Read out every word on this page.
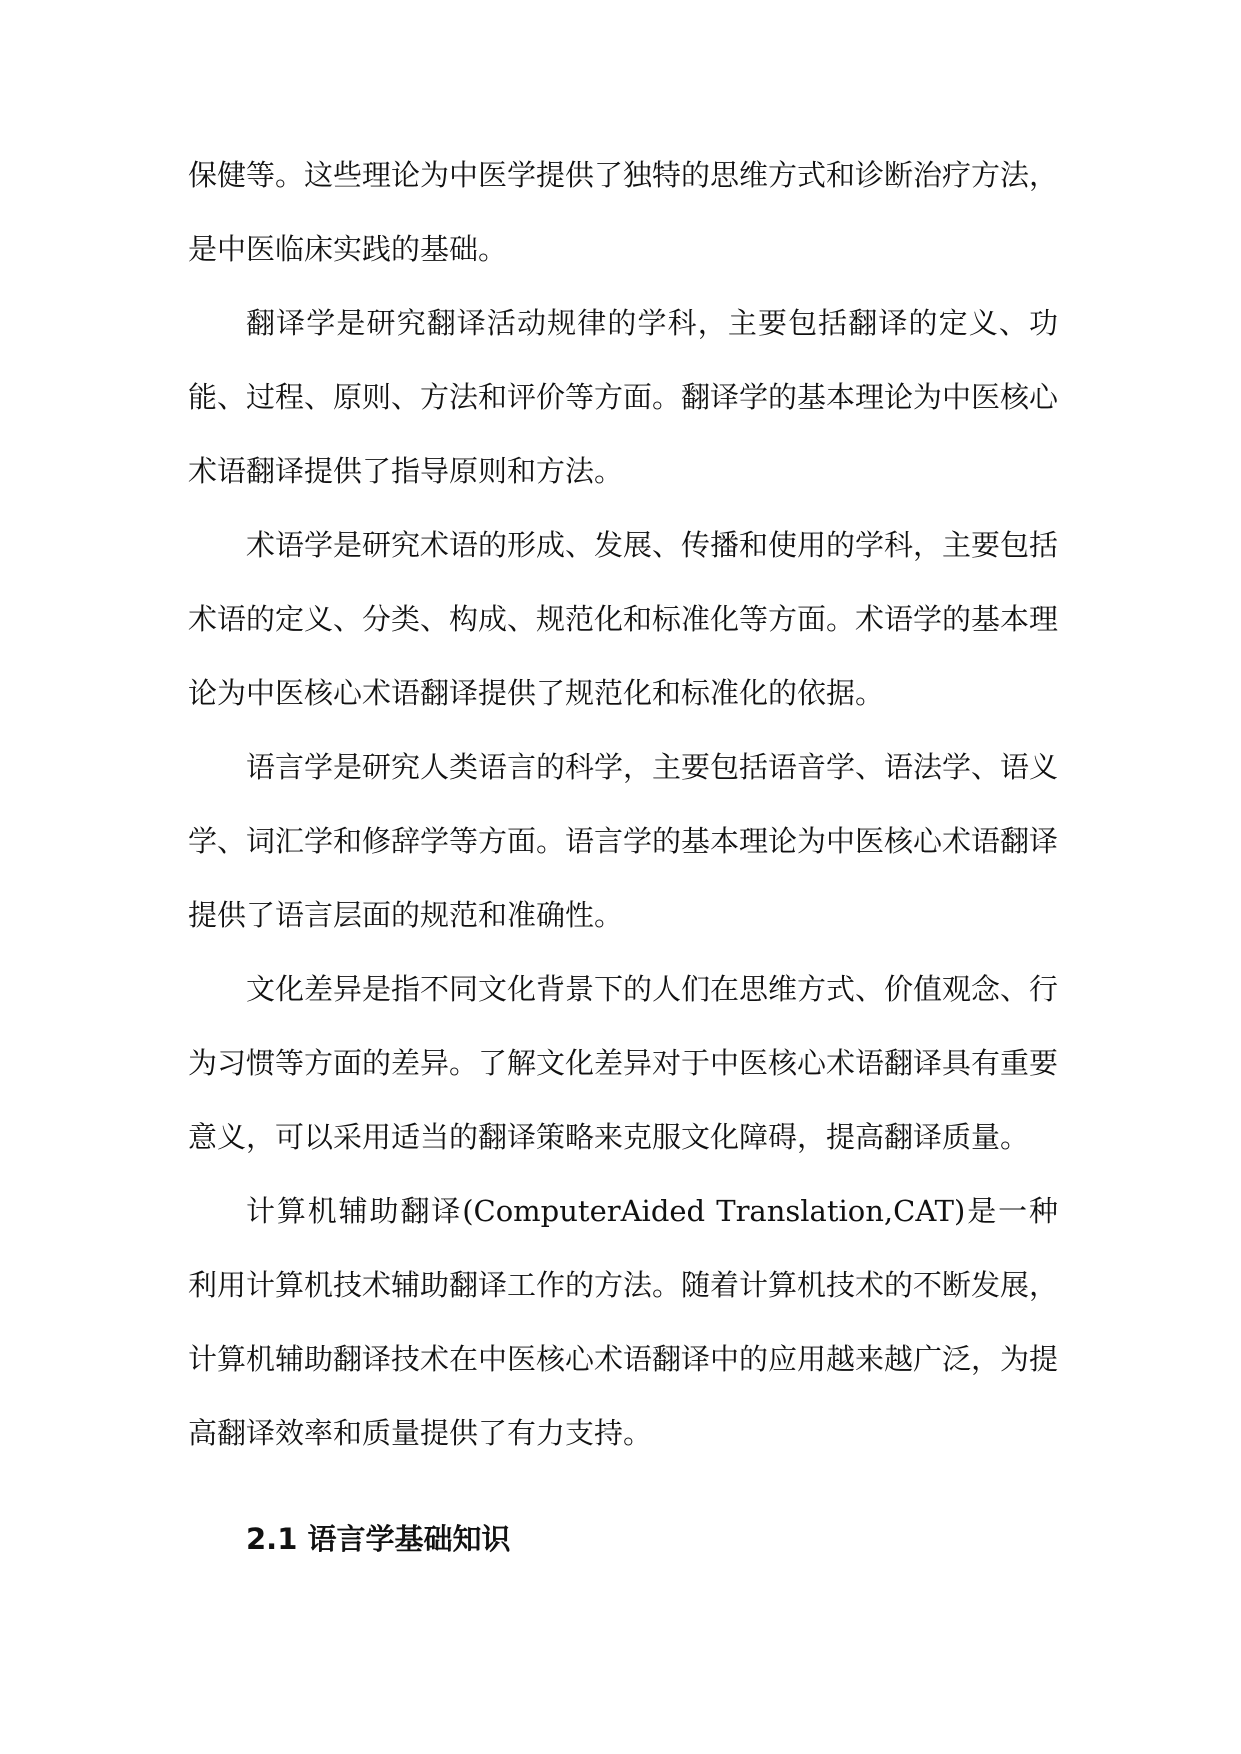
保健等。这些理论为中医学提供了独特的思维方式和诊断治疗方法，是中医临床实践的基础。

翻译学是研究翻译活动规律的学科，主要包括翻译的定义、功能、过程、原则、方法和评价等方面。翻译学的基本理论为中医核心术语翻译提供了指导原则和方法。

术语学是研究术语的形成、发展、传播和使用的学科，主要包括术语的定义、分类、构成、规范化和标准化等方面。术语学的基本理论为中医核心术语翻译提供了规范化和标准化的依据。

语言学是研究人类语言的科学，主要包括语音学、语法学、语义学、词汇学和修辞学等方面。语言学的基本理论为中医核心术语翻译提供了语言层面的规范和准确性。

文化差异是指不同文化背景下的人们在思维方式、价值观念、行为习惯等方面的差异。了解文化差异对于中医核心术语翻译具有重要意义，可以采用适当的翻译策略来克服文化障碍，提高翻译质量。

计算机辅助翻译(ComputerAided Translation,CAT)是一种利用计算机技术辅助翻译工作的方法。随着计算机技术的不断发展，计算机辅助翻译技术在中医核心术语翻译中的应用越来越广泛，为提高翻译效率和质量提供了有力支持。

2.1 语言学基础知识
